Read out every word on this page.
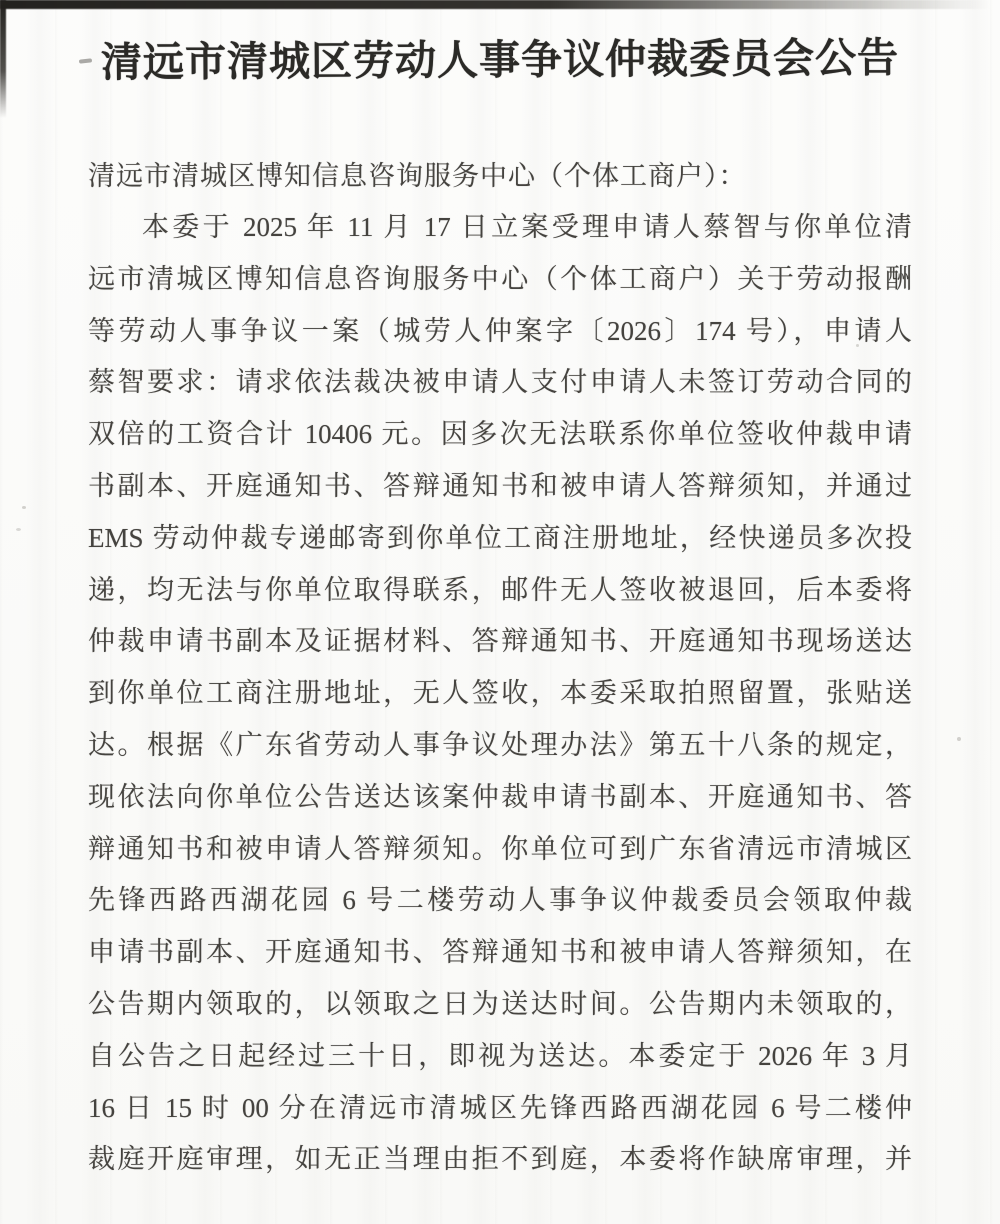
清远市清城区劳动人事争议仲裁委员会公告
清远市清城区博知信息咨询服务中心（个体工商户）：
本委于 2025 年 11 月 17 日立案受理申请人蔡智与你单位清
远市清城区博知信息咨询服务中心（个体工商户）关于劳动报酬
等劳动人事争议一案（城劳人仲案字〔2026〕174 号），申请人
蔡智要求：请求依法裁决被申请人支付申请人未签订劳动合同的
双倍的工资合计 10406 元。因多次无法联系你单位签收仲裁申请
书副本、开庭通知书、答辩通知书和被申请人答辩须知，并通过
EMS 劳动仲裁专递邮寄到你单位工商注册地址，经快递员多次投
递，均无法与你单位取得联系，邮件无人签收被退回，后本委将
仲裁申请书副本及证据材料、答辩通知书、开庭通知书现场送达
到你单位工商注册地址，无人签收，本委采取拍照留置，张贴送
达。根据《广东省劳动人事争议处理办法》第五十八条的规定，
现依法向你单位公告送达该案仲裁申请书副本、开庭通知书、答
辩通知书和被申请人答辩须知。你单位可到广东省清远市清城区
先锋西路西湖花园 6 号二楼劳动人事争议仲裁委员会领取仲裁
申请书副本、开庭通知书、答辩通知书和被申请人答辩须知，在
公告期内领取的，以领取之日为送达时间。公告期内未领取的，
自公告之日起经过三十日，即视为送达。本委定于 2026 年 3 月
16 日 15 时 00 分在清远市清城区先锋西路西湖花园 6 号二楼仲
裁庭开庭审理，如无正当理由拒不到庭，本委将作缺席审理，并
